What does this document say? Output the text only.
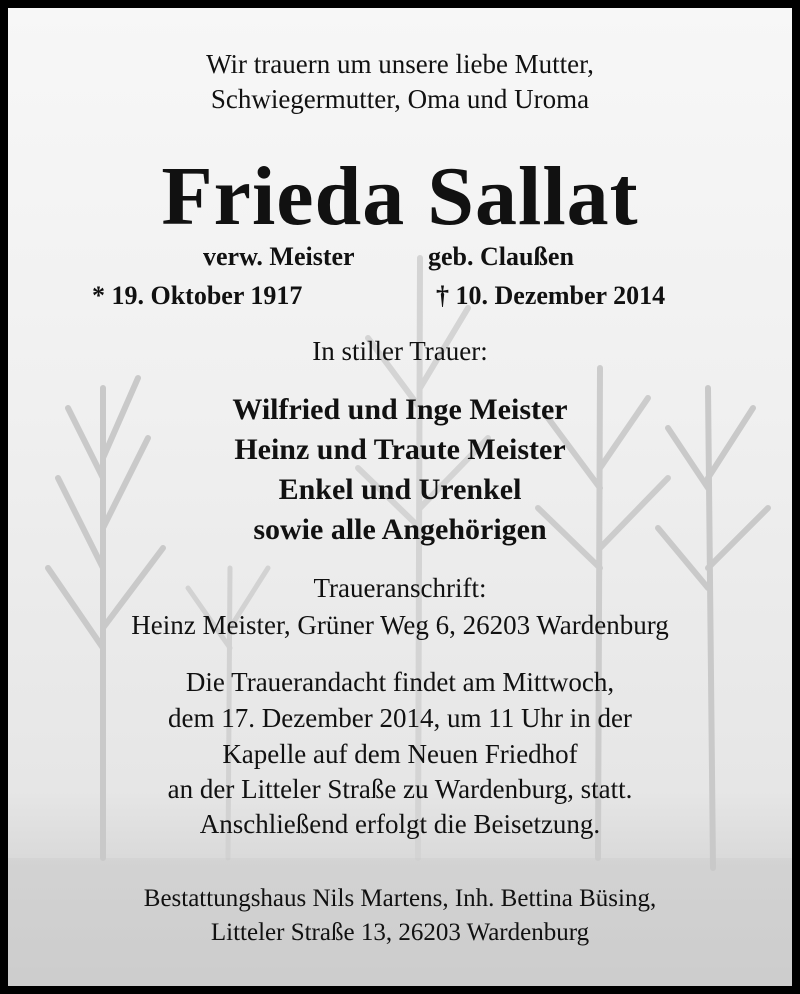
Wir trauern um unsere liebe Mutter,
Schwiegermutter, Oma und Uroma
Frieda Sallat
verw. Meister	geb. Claußen
* 19. Oktober 1917	† 10. Dezember 2014
In stiller Trauer:
Wilfried und Inge Meister
Heinz und Traute Meister
Enkel und Urenkel
sowie alle Angehörigen
Traueranschrift:
Heinz Meister, Grüner Weg 6, 26203 Wardenburg
Die Trauerandacht findet am Mittwoch,
dem 17. Dezember 2014, um 11 Uhr in der
Kapelle auf dem Neuen Friedhof
an der Litteler Straße zu Wardenburg, statt.
Anschließend erfolgt die Beisetzung.
Bestattungshaus Nils Martens, Inh. Bettina Büsing,
Litteler Straße 13, 26203 Wardenburg
